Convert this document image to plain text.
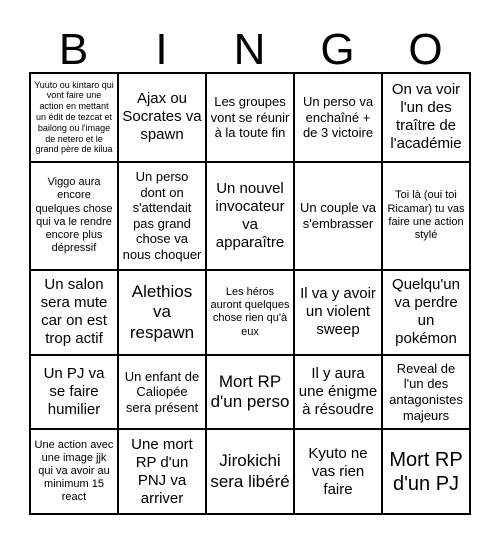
B	I	N	G	O
Yuuto ou kintaro qui vont faire une action en mettant un édit de tezcat et bailong ou l'image de netero et le grand père de kilua	Ajax ou Socrates va spawn	Les groupes vont se réunir à la toute fin	Un perso va enchaîné + de 3 victoire	On va voir l'un des traître de l'académie
Viggo aura encore quelques chose qui va le rendre encore plus dépressif	Un perso dont on s'attendait pas grand chose va nous choquer	Un nouvel invocateur va apparaître	Un couple va s'embrasser	Toi là (oui toi Ricamar) tu vas faire une action stylé
Un salon sera mute car on est trop actif	Alethios va respawn	Les héros auront quelques chose rien qu'à eux	Il va y avoir un violent sweep	Quelqu'un va perdre un pokémon
Un PJ va se faire humilier	Un enfant de Caliopée sera présent	Mort RP d'un perso	Il y aura une énigme à résoudre	Reveal de l'un des antagonistes majeurs
Une action avec une image jjk qui va avoir au minimum 15 react	Une mort RP d'un PNJ va arriver	Jirokichi sera libéré	Kyuto ne vas rien faire	Mort RP d'un PJ
